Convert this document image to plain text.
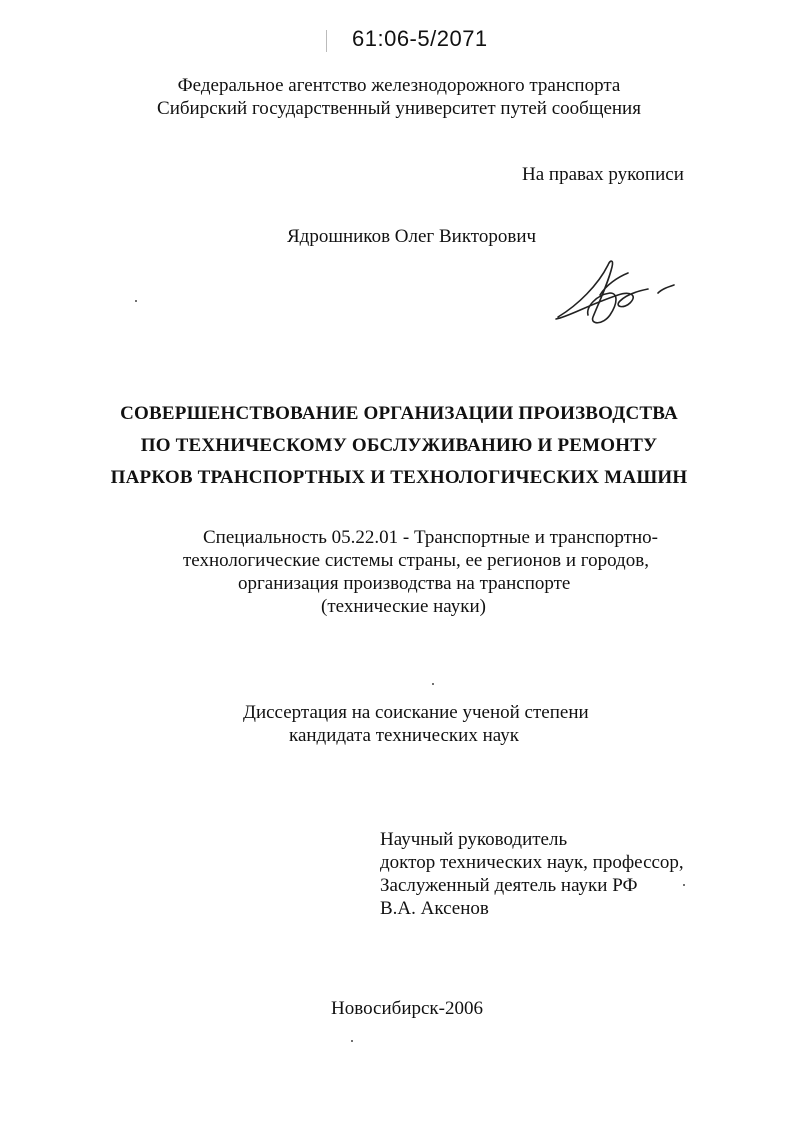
61:06-5/2071
Федеральное агентство железнодорожного транспорта
Сибирский государственный университет путей сообщения
На правах рукописи
Ядрошников Олег Викторович
СОВЕРШЕНСТВОВАНИЕ ОРГАНИЗАЦИИ ПРОИЗВОДСТВА
ПО ТЕХНИЧЕСКОМУ ОБСЛУЖИВАНИЮ И РЕМОНТУ
ПАРКОВ ТРАНСПОРТНЫХ И ТЕХНОЛОГИЧЕСКИХ МАШИН
Специальность 05.22.01 - Транспортные и транспортно-
технологические системы страны, ее регионов и городов,
организация производства на транспорте
(технические науки)
Диссертация на соискание ученой степени
кандидата технических наук
Научный руководитель
доктор технических наук, профессор,
Заслуженный деятель науки РФ
В.А. Аксенов
Новосибирск-2006
